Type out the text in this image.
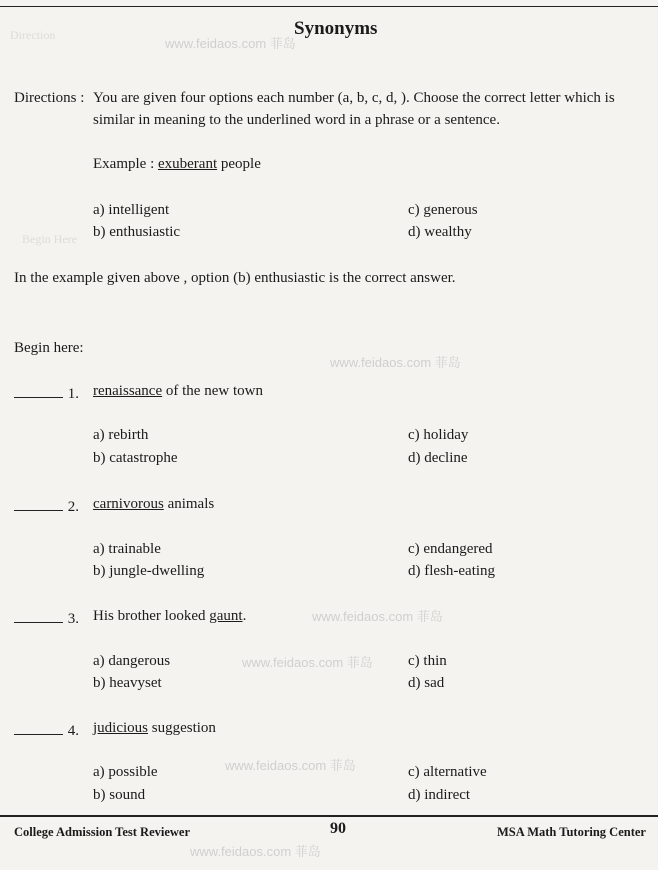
Direction
Begin Here
Synonyms
www.feidaos.com 菲岛
www.feidaos.com 菲岛
www.feidaos.com 菲岛
www.feidaos.com 菲岛
www.feidaos.com 菲岛
www.feidaos.com 菲岛
Directions : You are given four options each number (a, b, c, d, ). Choose the correct letter which is
similar in meaning to the underlined word in a phrase or a sentence.
Example : exuberant people
a) intelligent
b) enthusiastic
c) generous
d) wealthy
In the example given above , option (b) enthusiastic is the correct answer.
Begin here:
1. renaissance of the new town
a) rebirth
b) catastrophe
c) holiday
d) decline
2. carnivorous animals
a) trainable
b) jungle-dwelling
c) endangered
d) flesh-eating
3. His brother looked gaunt.
a) dangerous
b) heavyset
c) thin
d) sad
4. judicious suggestion
a) possible
b) sound
c) alternative
d) indirect
College Admission Test Reviewer	90	MSA Math Tutoring Center
